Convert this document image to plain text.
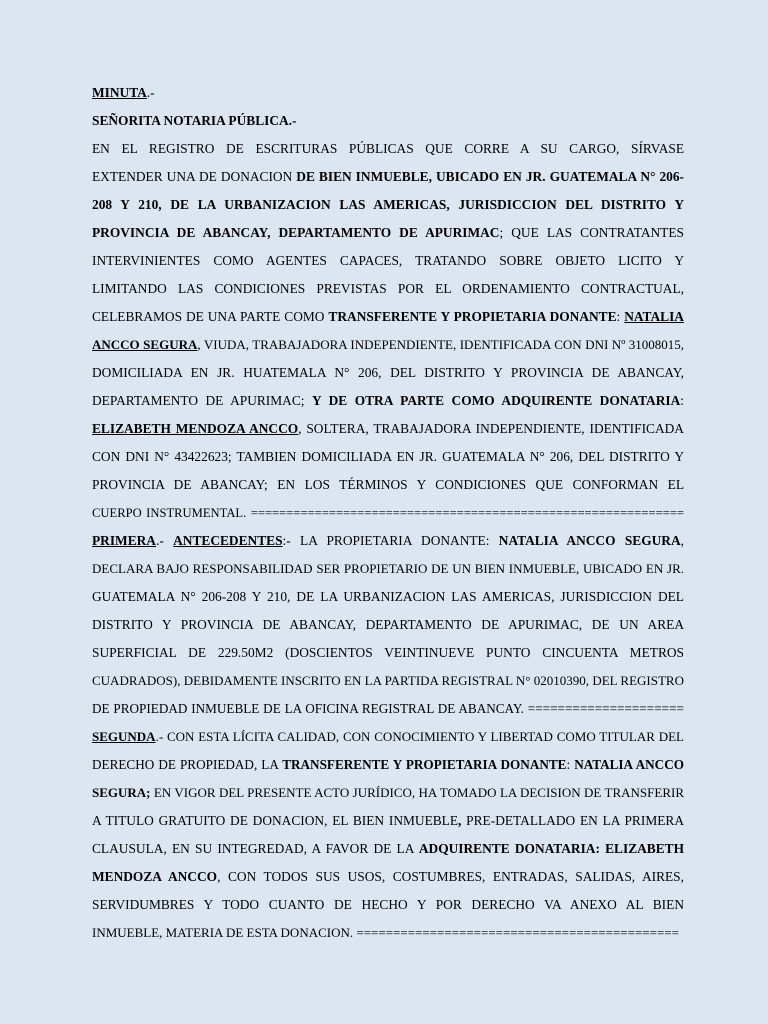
MINUTA.-
SEÑORITA NOTARIA PÚBLICA.-
EN EL REGISTRO DE ESCRITURAS PÚBLICAS QUE CORRE A SU CARGO, SÍRVASE
EXTENDER UNA DE DONACION DE BIEN INMUEBLE, UBICADO EN JR. GUATEMALA N° 206-
208 Y 210, DE LA URBANIZACION LAS AMERICAS, JURISDICCION DEL DISTRITO Y
PROVINCIA DE ABANCAY, DEPARTAMENTO DE APURIMAC; QUE LAS CONTRATANTES
INTERVINIENTES COMO AGENTES CAPACES, TRATANDO SOBRE OBJETO LICITO Y
LIMITANDO LAS CONDICIONES PREVISTAS POR EL ORDENAMIENTO CONTRACTUAL,
CELEBRAMOS DE UNA PARTE COMO TRANSFERENTE Y PROPIETARIA DONANTE: NATALIA
ANCCO SEGURA, VIUDA, TRABAJADORA INDEPENDIENTE, IDENTIFICADA CON DNI Nº 31008015,
DOMICILIADA EN JR. HUATEMALA N° 206, DEL DISTRITO Y PROVINCIA DE ABANCAY,
DEPARTAMENTO DE APURIMAC; Y DE OTRA PARTE COMO ADQUIRENTE DONATARIA:
ELIZABETH MENDOZA ANCCO, SOLTERA, TRABAJADORA INDEPENDIENTE, IDENTIFICADA
CON DNI N° 43422623; TAMBIEN DOMICILIADA EN JR. GUATEMALA N° 206, DEL DISTRITO Y
PROVINCIA DE ABANCAY; EN LOS TÉRMINOS Y CONDICIONES QUE CONFORMAN EL
CUERPO INSTRUMENTAL. =============================================================
PRIMERA.- ANTECEDENTES:- LA PROPIETARIA DONANTE: NATALIA ANCCO SEGURA,
DECLARA BAJO RESPONSABILIDAD SER PROPIETARIO DE UN BIEN INMUEBLE, UBICADO EN JR.
GUATEMALA N° 206-208 Y 210, DE LA URBANIZACION LAS AMERICAS, JURISDICCION DEL
DISTRITO Y PROVINCIA DE ABANCAY, DEPARTAMENTO DE APURIMAC, DE UN AREA
SUPERFICIAL DE 229.50M2 (DOSCIENTOS VEINTINUEVE PUNTO CINCUENTA METROS
CUADRADOS), DEBIDAMENTE INSCRITO EN LA PARTIDA REGISTRAL N° 02010390, DEL REGISTRO
DE PROPIEDAD INMUEBLE DE LA OFICINA REGISTRAL DE ABANCAY. =====================
SEGUNDA.- CON ESTA LÍCITA CALIDAD, CON CONOCIMIENTO Y LIBERTAD COMO TITULAR DEL
DERECHO DE PROPIEDAD, LA TRANSFERENTE Y PROPIETARIA DONANTE: NATALIA ANCCO
SEGURA; EN VIGOR DEL PRESENTE ACTO JURÍDICO, HA TOMADO LA DECISION DE TRANSFERIR
A TITULO GRATUITO DE DONACION, EL BIEN INMUEBLE, PRE-DETALLADO EN LA PRIMERA
CLAUSULA, EN SU INTEGREDAD, A FAVOR DE LA ADQUIRENTE DONATARIA: ELIZABETH
MENDOZA ANCCO, CON TODOS SUS USOS, COSTUMBRES, ENTRADAS, SALIDAS, AIRES,
SERVIDUMBRES Y TODO CUANTO DE HECHO Y POR DERECHO VA ANEXO AL BIEN
INMUEBLE, MATERIA DE ESTA DONACION. ============================================
